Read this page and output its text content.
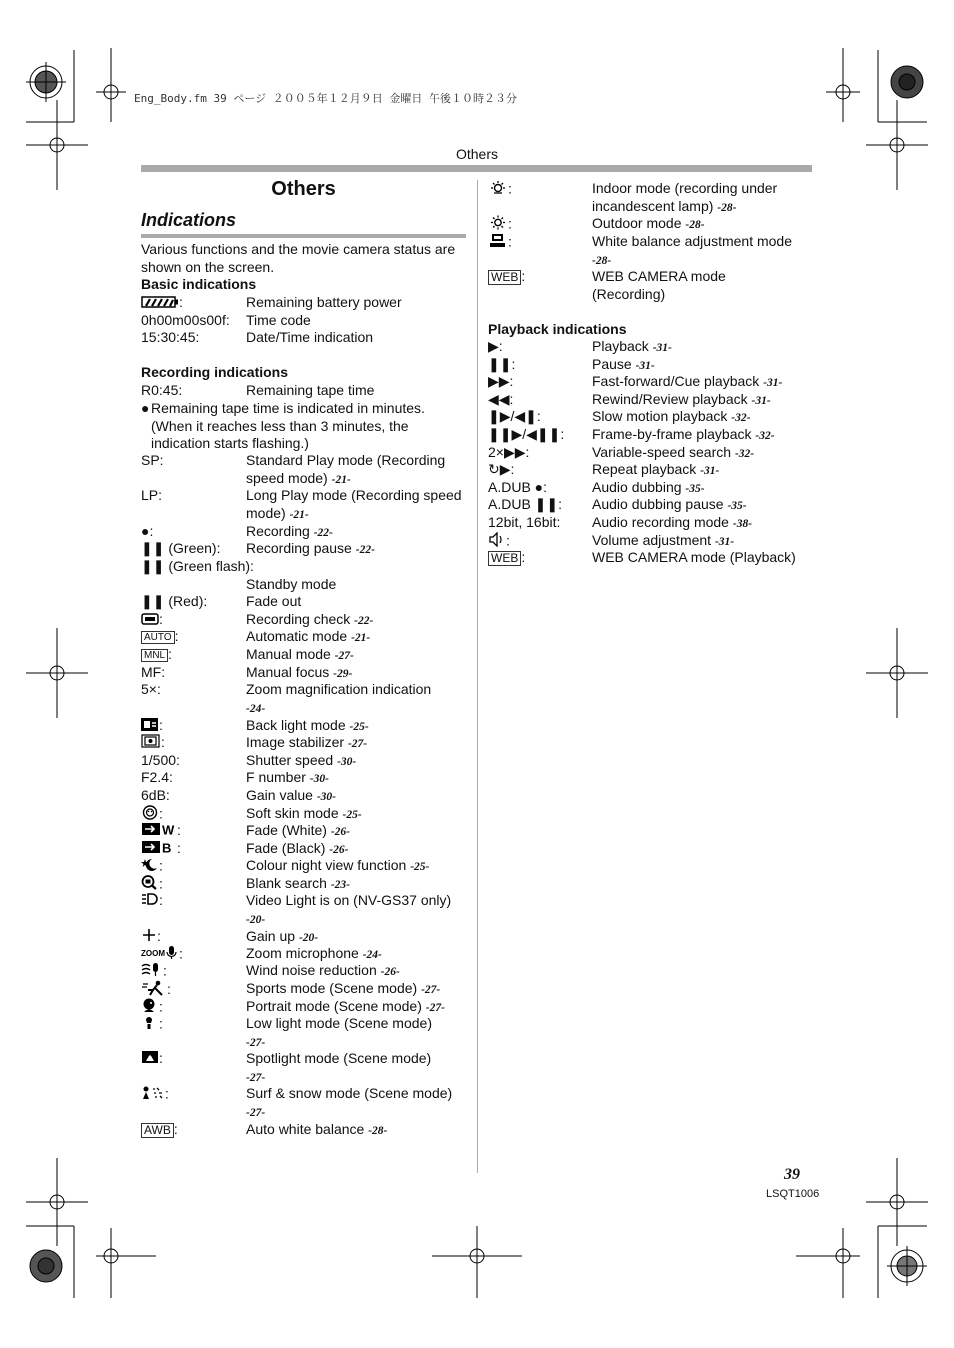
Eng_Body.fm 39 ページ ２００５年１２月９日 金曜日 午後１０時２３分
Others
Others
Indications
Various functions and the movie camera status are shown on the screen.
Basic indications
:	Remaining battery power
0h00m00s00f: Time code
15:30:45:	Date/Time indication
Recording indications
R0:45:	Remaining tape time
● Remaining tape time is indicated in minutes. (When it reaches less than 3 minutes, the indication starts flashing.)
SP:	Standard Play mode (Recording speed mode) -21-
LP:	Long Play mode (Recording speed mode) -21-
●:	Recording -22-
❚❚ (Green): Recording pause -22-
❚❚ (Green flash):
Standby mode
❚❚ (Red):	Fade out
:	Recording check -22-
AUTO :	Automatic mode -21-
MNL :	Manual mode -27-
MF:	Manual focus -29-
5×:	Zoom magnification indication
-24-
:	Back light mode -25-
:	Image stabilizer -27-
1/500:	Shutter speed -30-
F2.4:	F number -30-
6dB:	Gain value -30-
:	Soft skin mode -25-
W :	Fade (White) -26-
B :	Fade (Black) -26-
:	Colour night view function -25-
:	Blank search -23-
:	Video Light is on (NV-GS37 only)
-20-
:	Gain up -20-
ZOOM :	Zoom microphone -24-
:	Wind noise reduction -26-
:	Sports mode (Scene mode) -27-
:	Portrait mode (Scene mode) -27-
:	Low light mode (Scene mode)
-27-
:	Spotlight mode (Scene mode)
-27-
:	Surf & snow mode (Scene mode)
-27-
AWB :	Auto white balance -28-
:	Indoor mode (recording under incandescent lamp) -28-
:	Outdoor mode -28-
:	White balance adjustment mode
-28-
WEB :	WEB CAMERA mode (Recording)
Playback indications
▶:	Playback -31-
❚❚:	Pause -31-
▶▶:	Fast-forward/Cue playback -31-
◀◀:	Rewind/Review playback -31-
❚▶/◀❚:	Slow motion playback -32-
❚❚▶/◀❚❚: Frame-by-frame playback -32-
2×▶▶:	Variable-speed search -32-
↻▶:	Repeat playback -31-
A.DUB ●:	Audio dubbing -35-
A.DUB ❚❚: Audio dubbing pause -35-
12bit, 16bit: Audio recording mode -38-
:	Volume adjustment -31-
WEB :	WEB CAMERA mode (Playback)
39
LSQT1006
